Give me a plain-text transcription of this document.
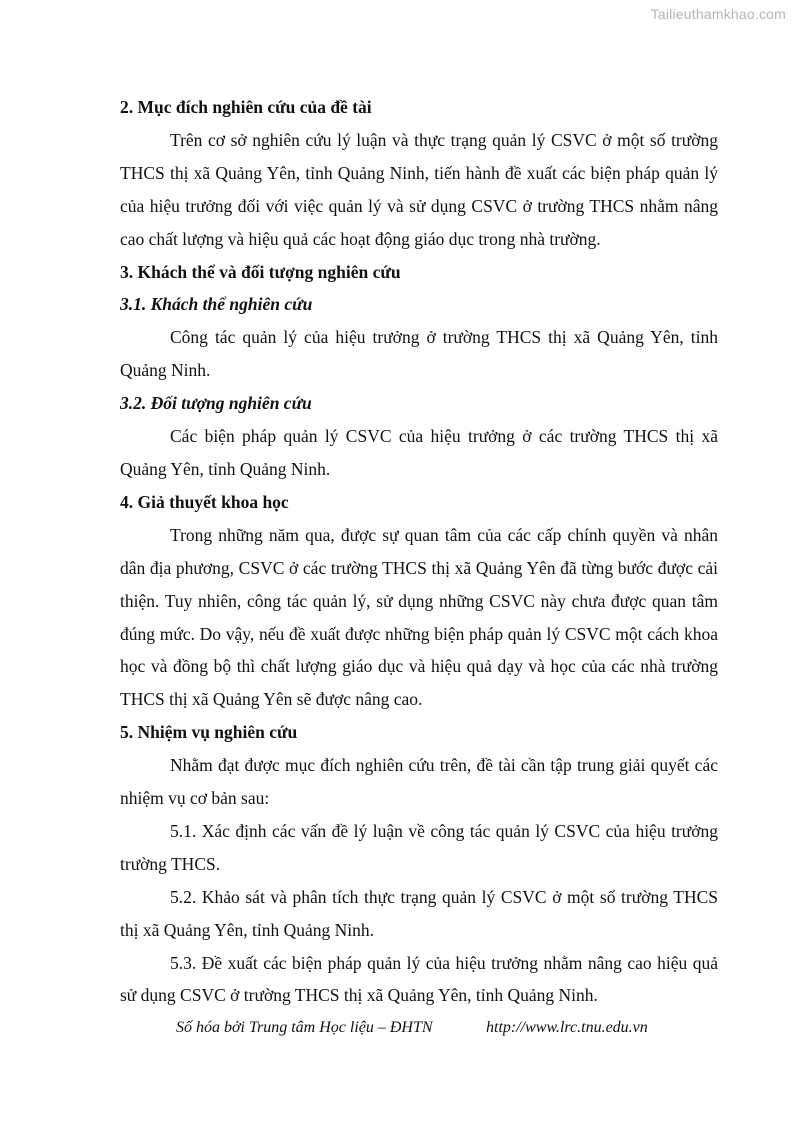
Tailieuthamkhao.com

2. Mục đích nghiên cứu của đề tài

Trên cơ sở nghiên cứu lý luận và thực trạng quản lý CSVC ở một số trường THCS thị xã Quảng Yên, tỉnh Quảng Ninh, tiến hành đề xuất các biện pháp quản lý của hiệu trưởng đối với việc quản lý và sử dụng CSVC ở trường THCS nhằm nâng cao chất lượng và hiệu quả các hoạt động giáo dục trong nhà trường.

3. Khách thể và đối tượng nghiên cứu

3.1. Khách thể nghiên cứu

Công tác quản lý của hiệu trưởng ở trường THCS thị xã Quảng Yên, tỉnh Quảng Ninh.

3.2. Đối tượng nghiên cứu

Các biện pháp quản lý CSVC của hiệu trưởng ở các trường THCS thị xã Quảng Yên, tỉnh Quảng Ninh.

4. Giả thuyết khoa học

Trong những năm qua, được sự quan tâm của các cấp chính quyền và nhân dân địa phương, CSVC ở các trường THCS thị xã Quảng Yên đã từng bước được cải thiện. Tuy nhiên, công tác quản lý, sử dụng những CSVC này chưa được quan tâm đúng mức. Do vậy, nếu đề xuất được những biện pháp quản lý CSVC một cách khoa học và đồng bộ thì chất lượng giáo dục và hiệu quả dạy và học của các nhà trường THCS thị xã Quảng Yên sẽ được nâng cao.

5. Nhiệm vụ nghiên cứu

Nhằm đạt được mục đích nghiên cứu trên, đề tài cần tập trung giải quyết các nhiệm vụ cơ bản sau:

5.1. Xác định các vấn đề lý luận về công tác quản lý CSVC của hiệu trưởng trường THCS.

5.2. Khảo sát và phân tích thực trạng quản lý CSVC ở một số trường THCS thị xã Quảng Yên, tỉnh Quảng Ninh.

5.3. Đề xuất các biện pháp quản lý của hiệu trưởng nhằm nâng cao hiệu quả sử dụng CSVC ở trường THCS thị xã Quảng Yên, tỉnh Quảng Ninh.

Số hóa bởi Trung tâm Học liệu – ĐHTN	http://www.lrc.tnu.edu.vn
